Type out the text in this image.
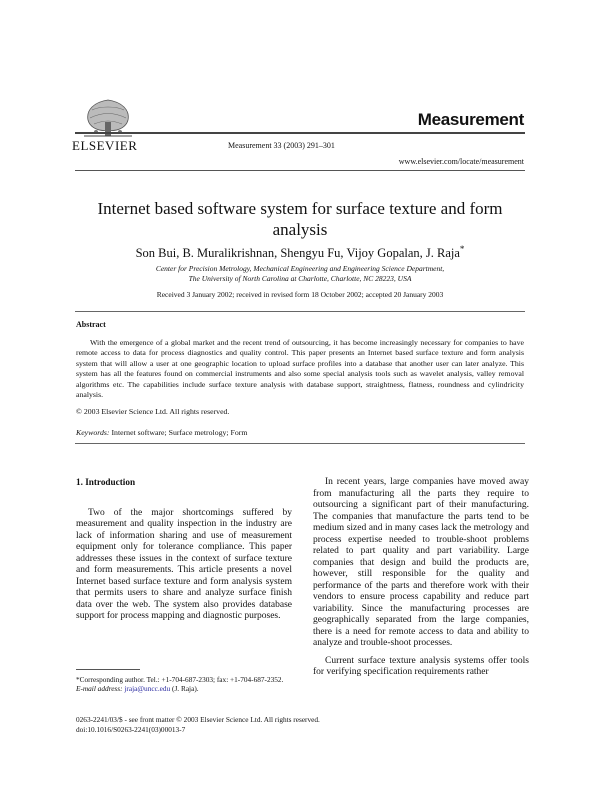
ELSEVIER	Measurement 33 (2003) 291–301
Measurement
www.elsevier.com/locate/measurement
Internet based software system for surface texture and form analysis
Son Bui, B. Muralikrishnan, Shengyu Fu, Vijoy Gopalan, J. Raja*
Center for Precision Metrology, Mechanical Engineering and Engineering Science Department,
The University of North Carolina at Charlotte, Charlotte, NC 28223, USA
Received 3 January 2002; received in revised form 18 October 2002; accepted 20 January 2003
Abstract
With the emergence of a global market and the recent trend of outsourcing, it has become increasingly necessary for companies to have remote access to data for process diagnostics and quality control. This paper presents an Internet based surface texture and form analysis system that will allow a user at one geographic location to upload surface profiles into a database that another user can later analyze. This system has all the features found on commercial instruments and also some special analysis tools such as wavelet analysis, valley removal algorithms etc. The capabilities include surface texture analysis with database support, straightness, flatness, roundness and cylindricity analysis.
© 2003 Elsevier Science Ltd. All rights reserved.
Keywords: Internet software; Surface metrology; Form
1. Introduction

Two of the major shortcomings suffered by measurement and quality inspection in the industry are lack of information sharing and use of measurement equipment only for tolerance compliance. This paper addresses these issues in the context of surface texture and form measurements. This article presents a novel Internet based surface texture and form analysis system that permits users to share and analyze surface finish data over the web. The system also provides database support for process mapping and diagnostic purposes.

In recent years, large companies have moved away from manufacturing all the parts they require to outsourcing a significant part of their manufacturing. The companies that manufacture the parts tend to be medium sized and in many cases lack the metrology and process expertise needed to trouble-shoot problems related to part quality and part variability. Large companies that design and build the products are, however, still responsible for the quality and performance of the parts and therefore work with their vendors to ensure process capability and reduce part variability. Since the manufacturing processes are geographically separated from the large companies, there is a need for remote access to data and ability to analyze and trouble-shoot processes.

Current surface texture analysis systems offer tools for verifying specification requirements rather

*Corresponding author. Tel.: +1-704-687-2303; fax: +1-704-687-2352.
E-mail address: jraja@uncc.edu (J. Raja).
0263-2241/03/$ - see front matter © 2003 Elsevier Science Ltd. All rights reserved.
doi:10.1016/S0263-2241(03)00013-7
